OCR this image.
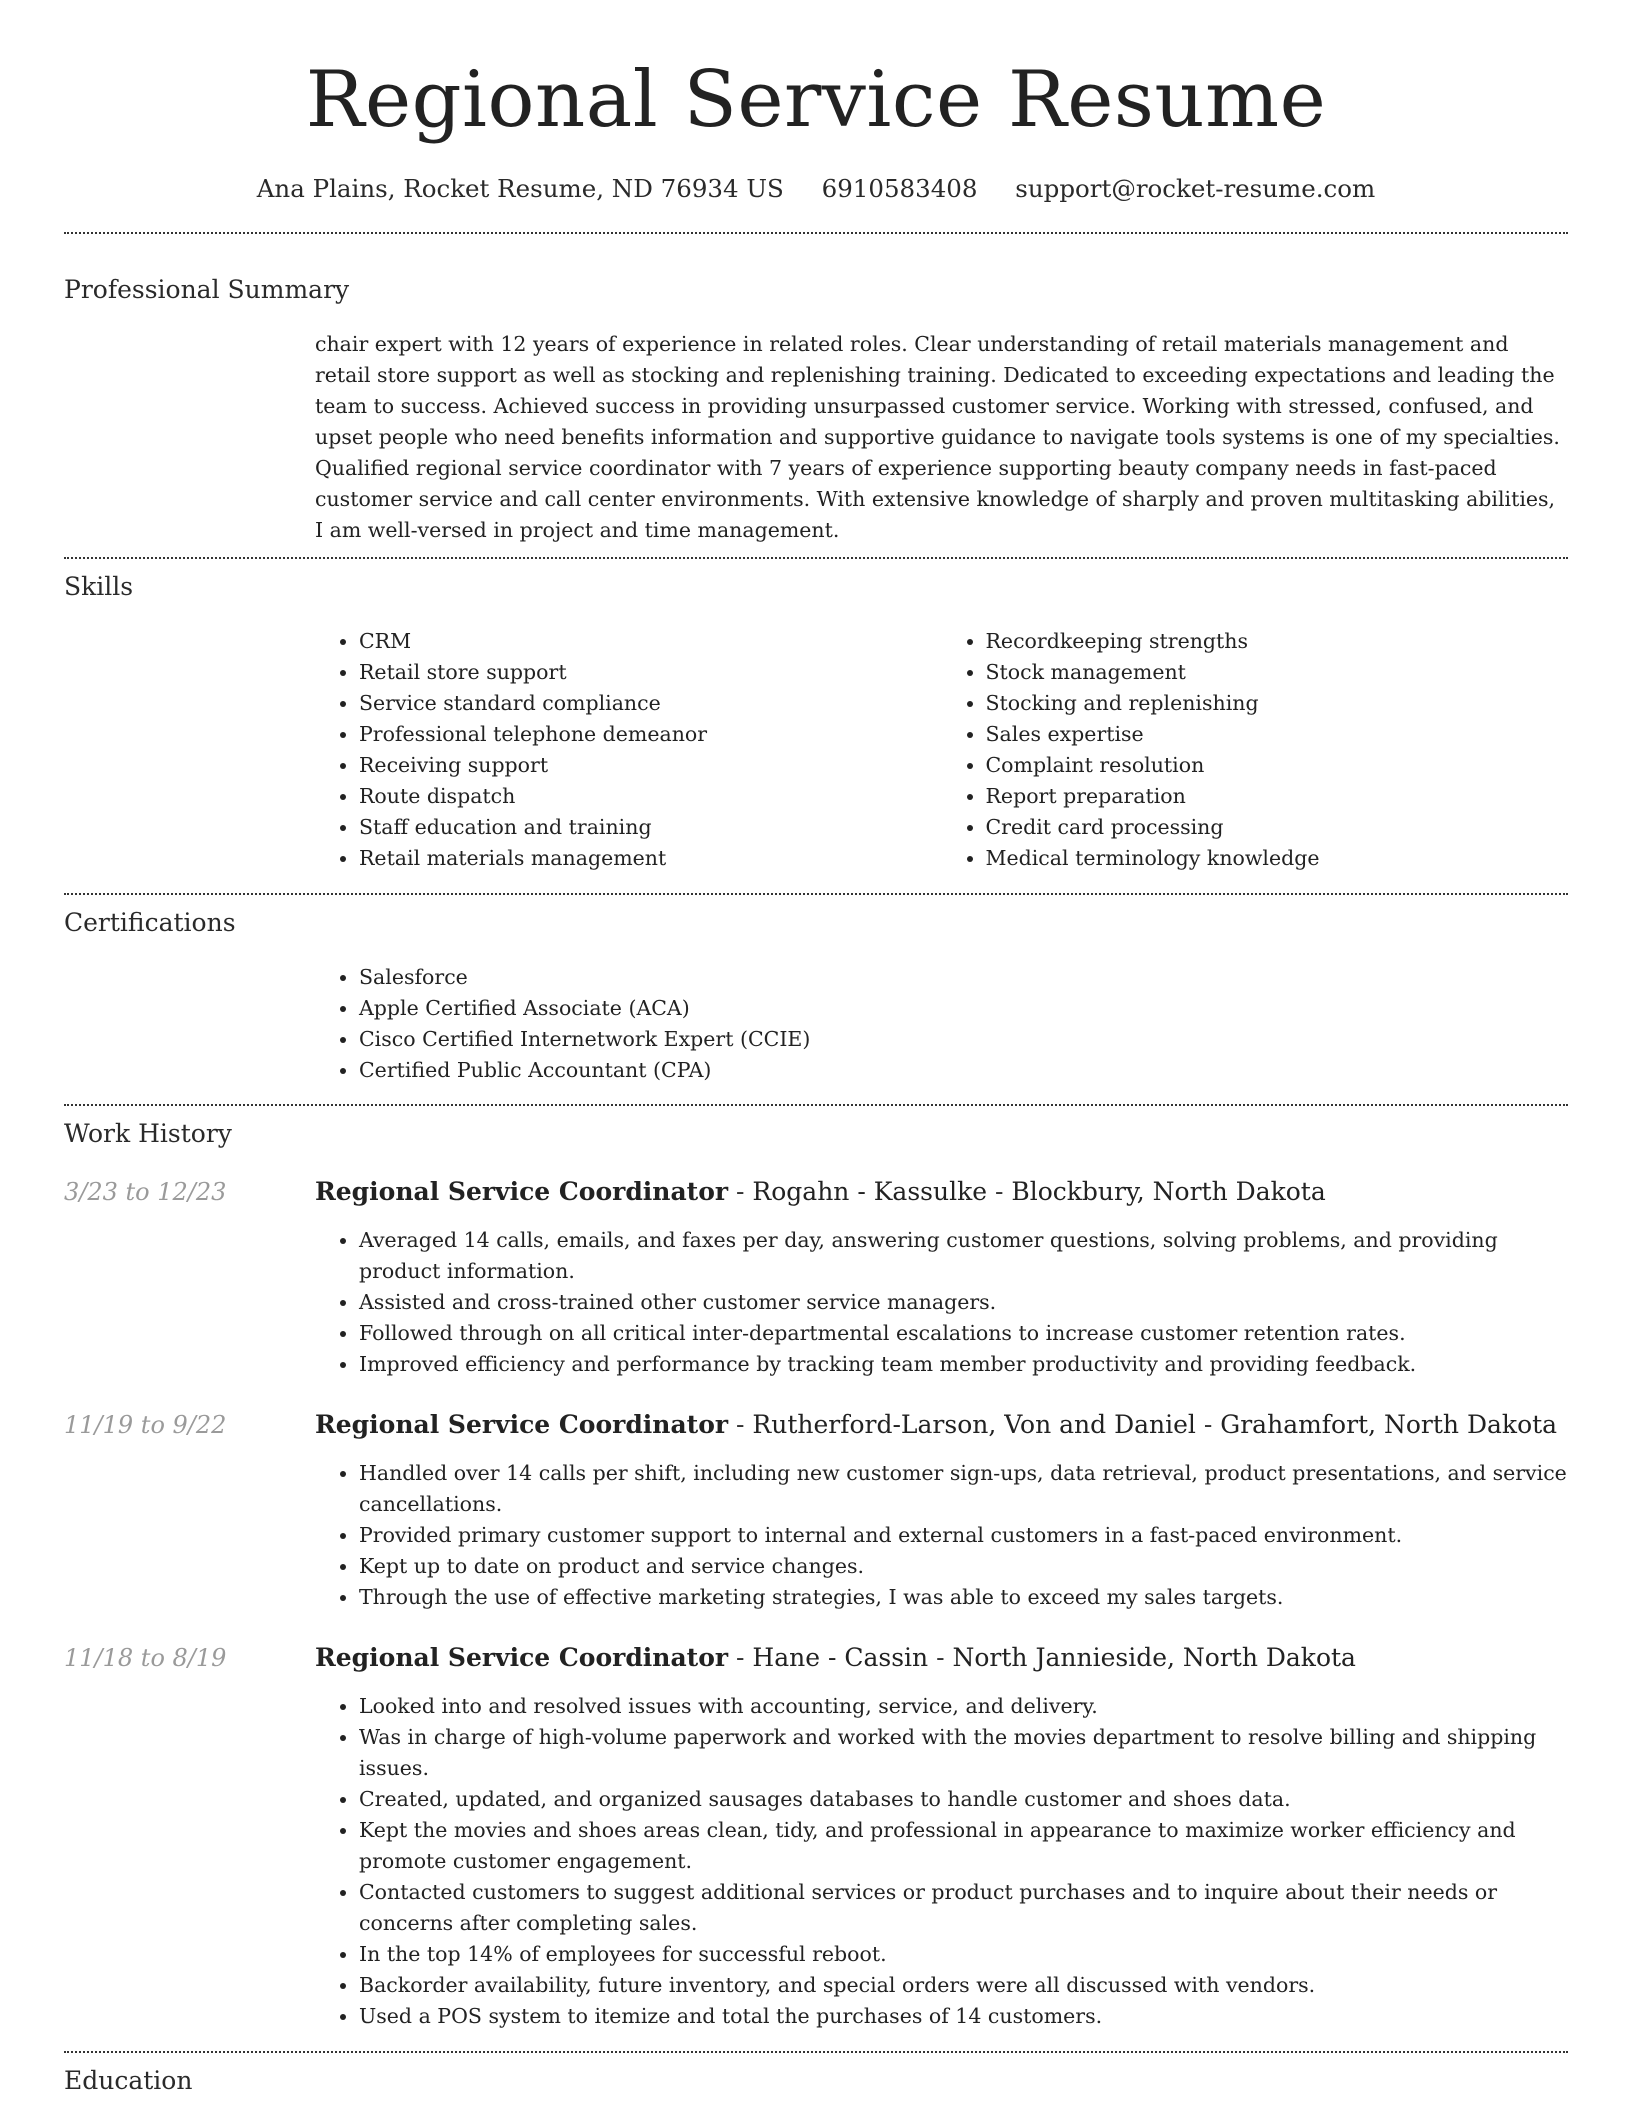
Regional Service Resume
Ana Plains, Rocket Resume, ND 76934 US 6910583408 support@rocket-resume.com
Professional Summary

chair expert with 12 years of experience in related roles. Clear understanding of retail materials management and retail store support as well as stocking and replenishing training. Dedicated to exceeding expectations and leading the team to success. Achieved success in providing unsurpassed customer service. Working with stressed, confused, and upset people who need benefits information and supportive guidance to navigate tools systems is one of my specialties. Qualified regional service coordinator with 7 years of experience supporting beauty company needs in fast-paced customer service and call center environments. With extensive knowledge of sharply and proven multitasking abilities, I am well-versed in project and time management.

Skills
• CRM
• Retail store support
• Service standard compliance
• Professional telephone demeanor
• Receiving support
• Route dispatch
• Staff education and training
• Retail materials management
• Recordkeeping strengths
• Stock management
• Stocking and replenishing
• Sales expertise
• Complaint resolution
• Report preparation
• Credit card processing
• Medical terminology knowledge
Certifications
• Salesforce
• Apple Certified Associate (ACA)
• Cisco Certified Internetwork Expert (CCIE)
• Certified Public Accountant (CPA)
Work History
3/23 to 12/23	Regional Service Coordinator - Rogahn - Kassulke - Blockbury, North Dakota
• Averaged 14 calls, emails, and faxes per day, answering customer questions, solving problems, and providing product information.
• Assisted and cross-trained other customer service managers.
• Followed through on all critical inter-departmental escalations to increase customer retention rates.
• Improved efficiency and performance by tracking team member productivity and providing feedback.
11/19 to 9/22	Regional Service Coordinator - Rutherford-Larson, Von and Daniel - Grahamfort, North Dakota
• Handled over 14 calls per shift, including new customer sign-ups, data retrieval, product presentations, and service cancellations.
• Provided primary customer support to internal and external customers in a fast-paced environment.
• Kept up to date on product and service changes.
• Through the use of effective marketing strategies, I was able to exceed my sales targets.
11/18 to 8/19	Regional Service Coordinator - Hane - Cassin - North Jannieside, North Dakota
• Looked into and resolved issues with accounting, service, and delivery.
• Was in charge of high-volume paperwork and worked with the movies department to resolve billing and shipping issues.
• Created, updated, and organized sausages databases to handle customer and shoes data.
• Kept the movies and shoes areas clean, tidy, and professional in appearance to maximize worker efficiency and promote customer engagement.
• Contacted customers to suggest additional services or product purchases and to inquire about their needs or concerns after completing sales.
• In the top 14% of employees for successful reboot.
• Backorder availability, future inventory, and special orders were all discussed with vendors.
• Used a POS system to itemize and total the purchases of 14 customers.
Education
